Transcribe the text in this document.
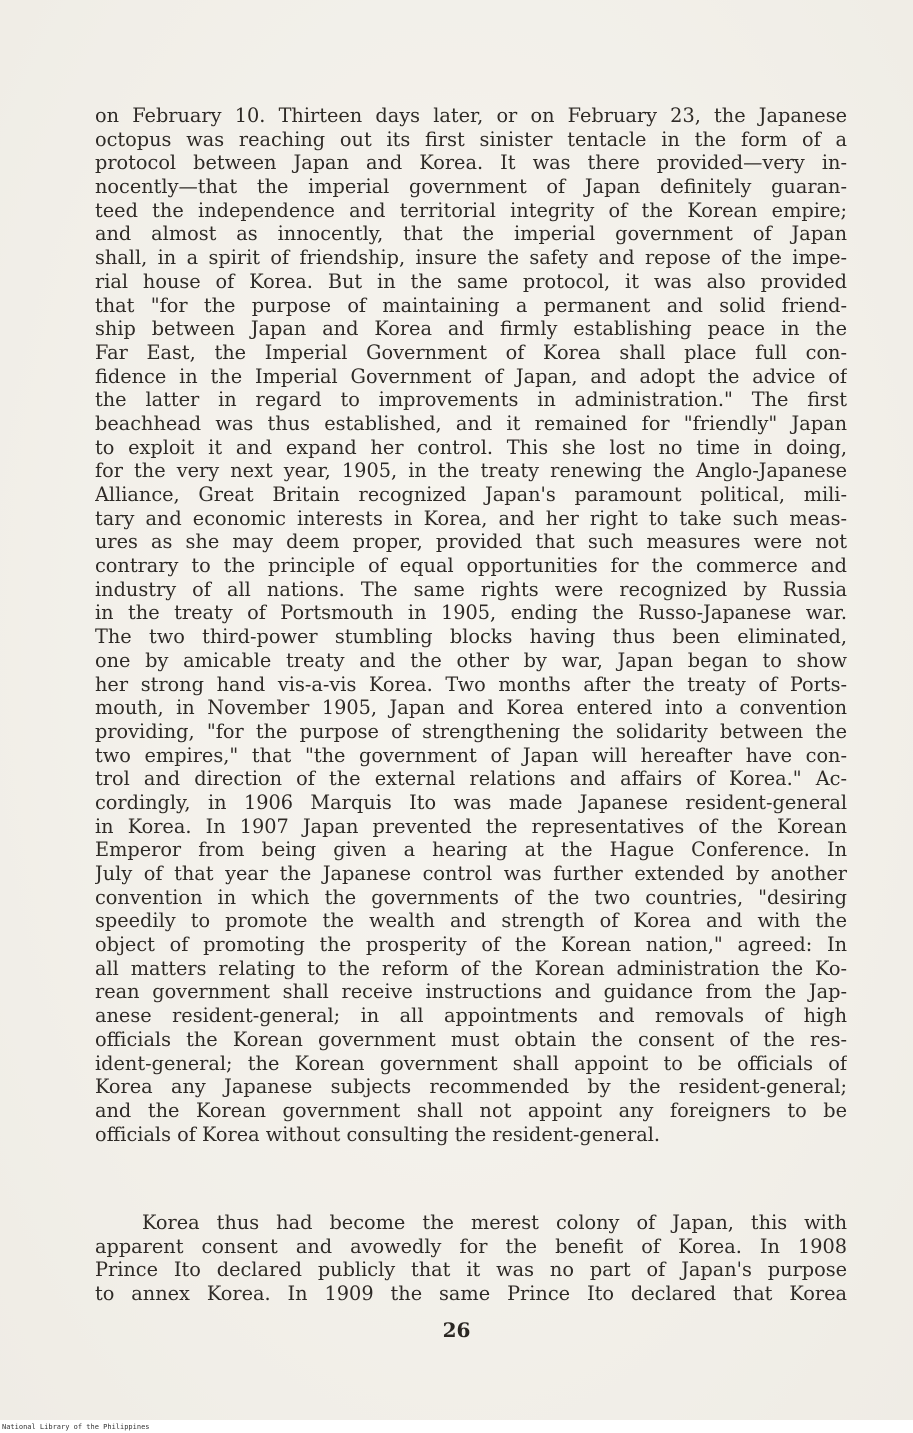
on February 10. Thirteen days later, or on February 23, the Japanese
octopus was reaching out its first sinister tentacle in the form of a
protocol between Japan and Korea. It was there provided—very in-
nocently—that the imperial government of Japan definitely guaran-
teed the independence and territorial integrity of the Korean empire;
and almost as innocently, that the imperial government of Japan
shall, in a spirit of friendship, insure the safety and repose of the impe-
rial house of Korea. But in the same protocol, it was also provided
that "for the purpose of maintaining a permanent and solid friend-
ship between Japan and Korea and firmly establishing peace in the
Far East, the Imperial Government of Korea shall place full con-
fidence in the Imperial Government of Japan, and adopt the advice of
the latter in regard to improvements in administration." The first
beachhead was thus established, and it remained for "friendly" Japan
to exploit it and expand her control. This she lost no time in doing,
for the very next year, 1905, in the treaty renewing the Anglo-Japanese
Alliance, Great Britain recognized Japan's paramount political, mili-
tary and economic interests in Korea, and her right to take such meas-
ures as she may deem proper, provided that such measures were not
contrary to the principle of equal opportunities for the commerce and
industry of all nations. The same rights were recognized by Russia
in the treaty of Portsmouth in 1905, ending the Russo-Japanese war.
The two third-power stumbling blocks having thus been eliminated,
one by amicable treaty and the other by war, Japan began to show
her strong hand vis-a-vis Korea. Two months after the treaty of Ports-
mouth, in November 1905, Japan and Korea entered into a convention
providing, "for the purpose of strengthening the solidarity between the
two empires," that "the government of Japan will hereafter have con-
trol and direction of the external relations and affairs of Korea." Ac-
cordingly, in 1906 Marquis Ito was made Japanese resident-general
in Korea. In 1907 Japan prevented the representatives of the Korean
Emperor from being given a hearing at the Hague Conference. In
July of that year the Japanese control was further extended by another
convention in which the governments of the two countries, "desiring
speedily to promote the wealth and strength of Korea and with the
object of promoting the prosperity of the Korean nation," agreed: In
all matters relating to the reform of the Korean administration the Ko-
rean government shall receive instructions and guidance from the Jap-
anese resident-general; in all appointments and removals of high
officials the Korean government must obtain the consent of the res-
ident-general; the Korean government shall appoint to be officials of
Korea any Japanese subjects recommended by the resident-general;
and the Korean government shall not appoint any foreigners to be
officials of Korea without consulting the resident-general.
Korea thus had become the merest colony of Japan, this with
apparent consent and avowedly for the benefit of Korea. In 1908
Prince Ito declared publicly that it was no part of Japan's purpose
to annex Korea. In 1909 the same Prince Ito declared that Korea

26

National Library of the Philippines
